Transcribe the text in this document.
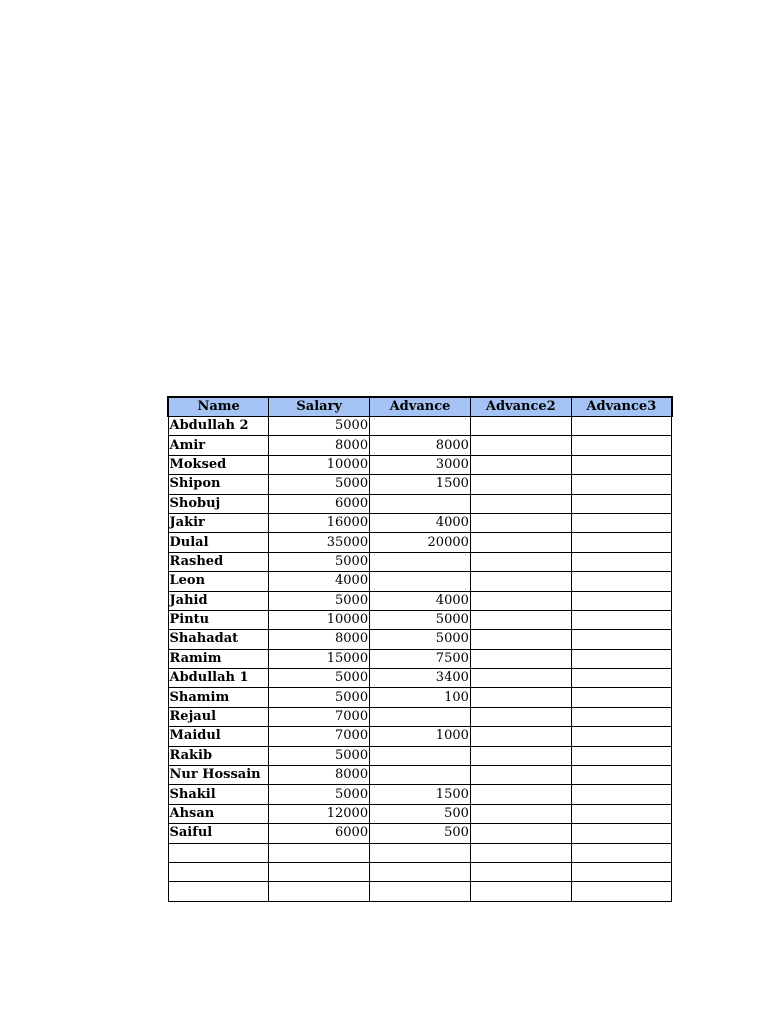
Name	Salary	Advance	Advance2	Advance3
Abdullah 2	5000			
Amir	8000	8000		
Moksed	10000	3000		
Shipon	5000	1500		
Shobuj	6000			
Jakir	16000	4000		
Dulal	35000	20000		
Rashed	5000			
Leon	4000			
Jahid	5000	4000		
Pintu	10000	5000		
Shahadat	8000	5000		
Ramim	15000	7500		
Abdullah 1	5000	3400		
Shamim	5000	100		
Rejaul	7000			
Maidul	7000	1000		
Rakib	5000			
Nur Hossain	8000			
Shakil	5000	1500		
Ahsan	12000	500		
Saiful	6000	500		
